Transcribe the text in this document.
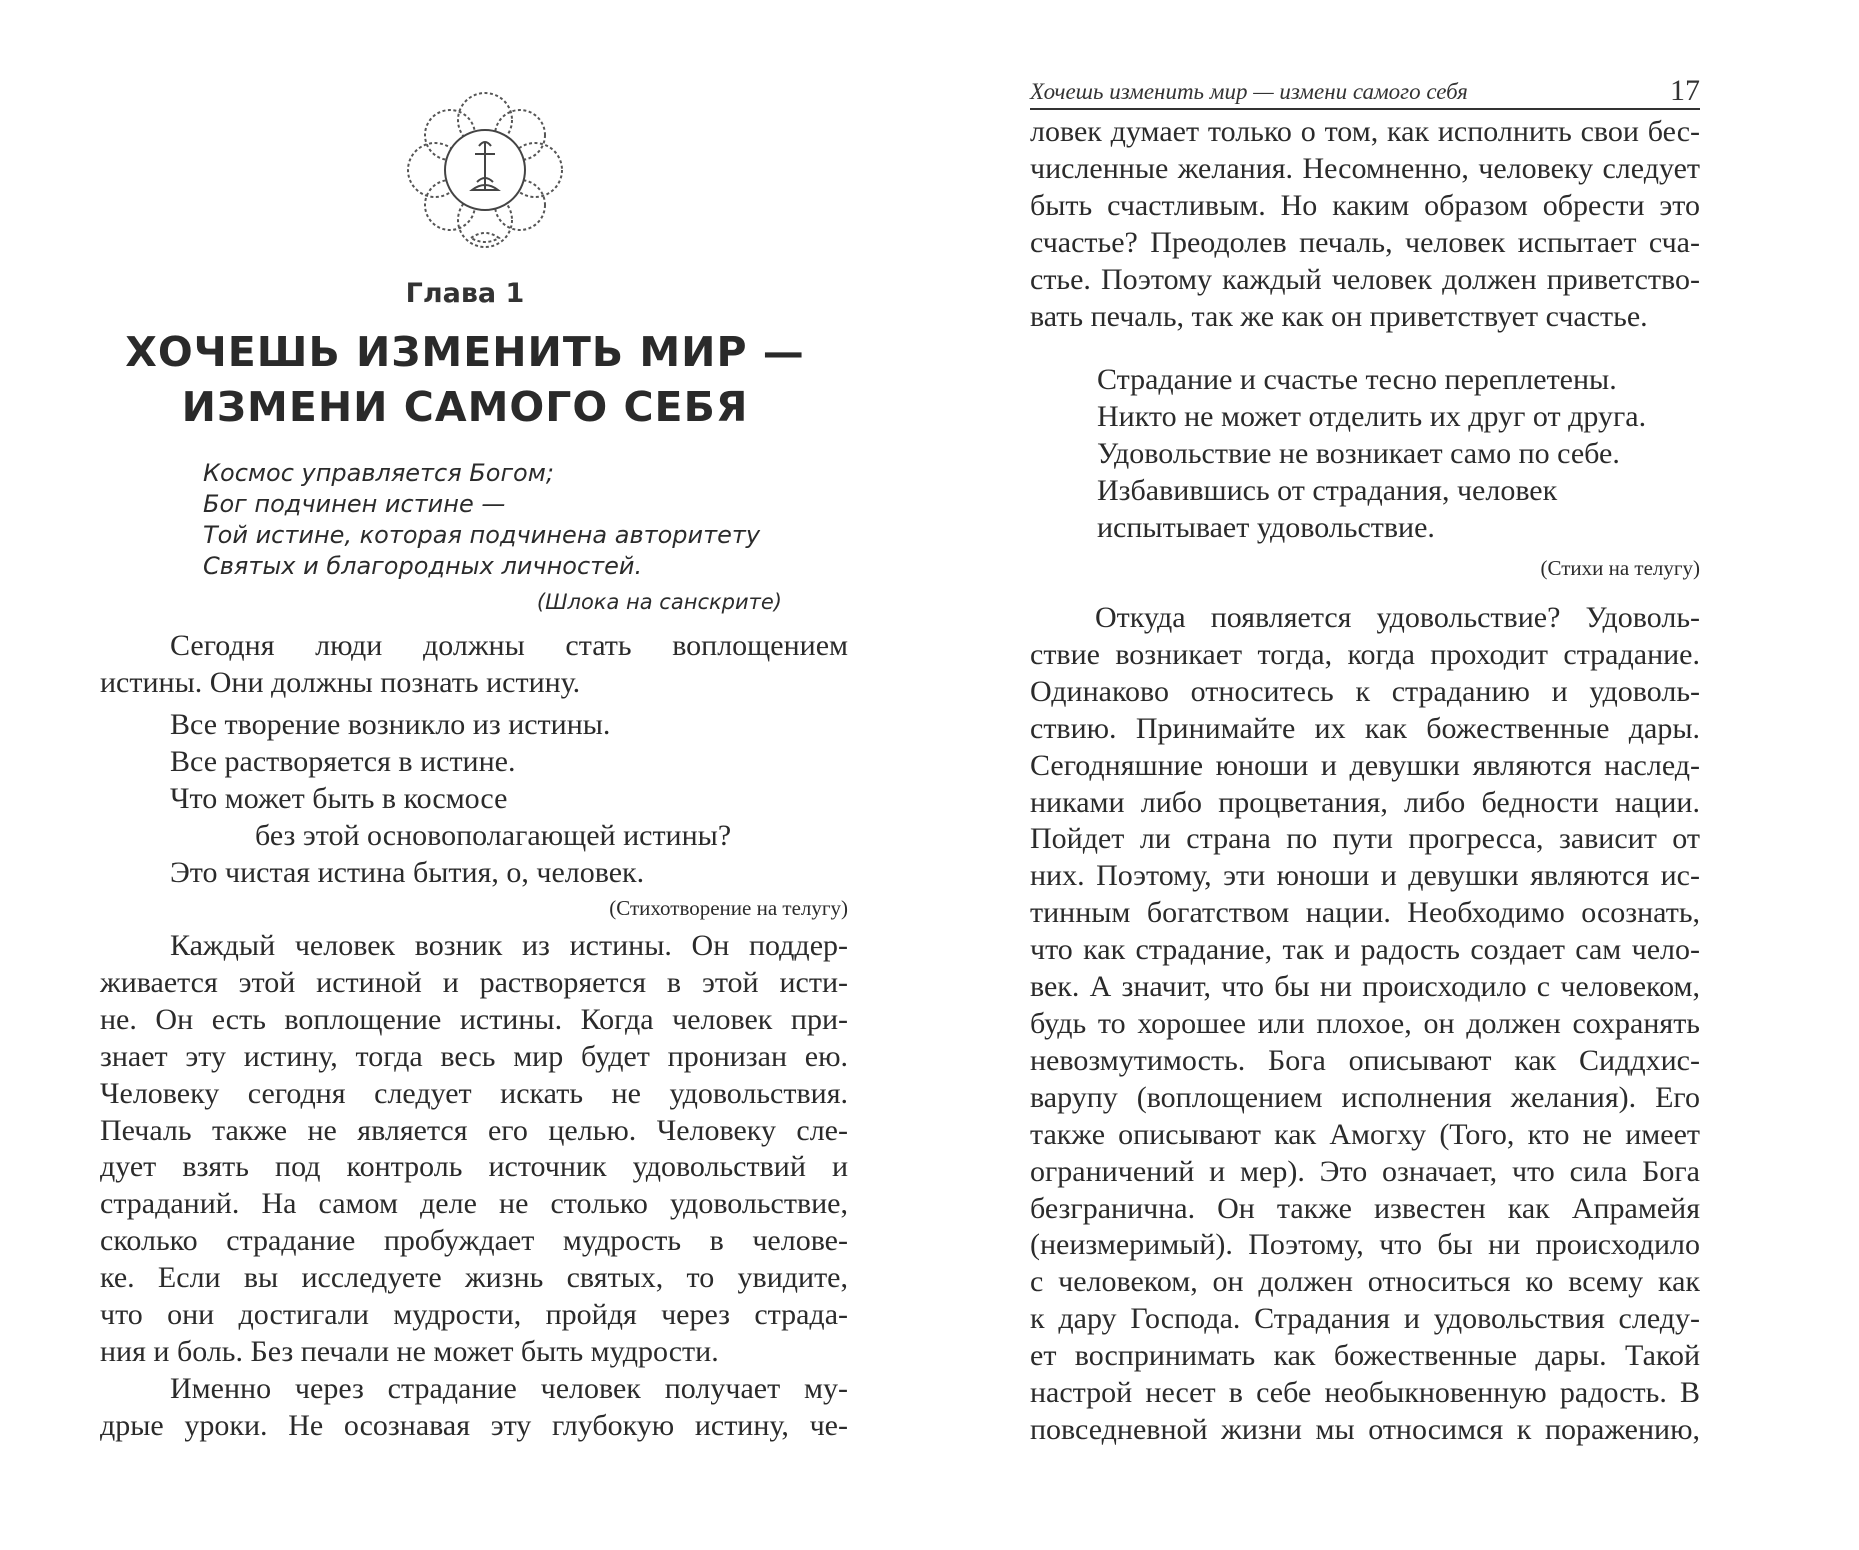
Глава 1
ХОЧЕШЬ ИЗМЕНИТЬ МИР —
ИЗМЕНИ САМОГО СЕБЯ
Космос управляется Богом;
Бог подчинен истине —
Той истине, которая подчинена авторитету
Святых и благородных личностей.
(Шлока на санскрите)
Сегодня люди должны стать воплощением
истины. Они должны познать истину.
Все творение возникло из истины.
Все растворяется в истине.
Что может быть в космосе
без этой основополагающей истины?
Это чистая истина бытия, о, человек.
(Стихотворение на телугу)
Каждый человек возник из истины. Он поддер-
живается этой истиной и растворяется в этой исти-
не. Он есть воплощение истины. Когда человек при-
знает эту истину, тогда весь мир будет пронизан ею.
Человеку сегодня следует искать не удовольствия.
Печаль также не является его целью. Человеку сле-
дует взять под контроль источник удовольствий и
страданий. На самом деле не столько удовольствие,
сколько страдание пробуждает мудрость в челове-
ке. Если вы исследуете жизнь святых, то увидите,
что они достигали мудрости, пройдя через страда-
ния и боль. Без печали не может быть мудрости.
Именно через страдание человек получает му-
дрые уроки. Не осознавая эту глубокую истину, че-
Хочешь изменить мир — измени самого себя	17
ловек думает только о том, как исполнить свои бес-
численные желания. Несомненно, человеку следует
быть счастливым. Но каким образом обрести это
счастье? Преодолев печаль, человек испытает сча-
стье. Поэтому каждый человек должен приветство-
вать печаль, так же как он приветствует счастье.
Страдание и счастье тесно переплетены.
Никто не может отделить их друг от друга.
Удовольствие не возникает само по себе.
Избавившись от страдания, человек
испытывает удовольствие.
(Стихи на телугу)
Откуда появляется удовольствие? Удоволь-
ствие возникает тогда, когда проходит страдание.
Одинаково относитесь к страданию и удоволь-
ствию. Принимайте их как божественные дары.
Сегодняшние юноши и девушки являются наслед-
никами либо процветания, либо бедности нации.
Пойдет ли страна по пути прогресса, зависит от
них. Поэтому, эти юноши и девушки являются ис-
тинным богатством нации. Необходимо осознать,
что как страдание, так и радость создает сам чело-
век. А значит, что бы ни происходило с человеком,
будь то хорошее или плохое, он должен сохранять
невозмутимость. Бога описывают как Сиддхис-
варупу (воплощением исполнения желания). Его
также описывают как Амогху (Того, кто не имеет
ограничений и мер). Это означает, что сила Бога
безгранична. Он также известен как Апрамейя
(неизмеримый). Поэтому, что бы ни происходило
с человеком, он должен относиться ко всему как
к дару Господа. Страдания и удовольствия следу-
ет воспринимать как божественные дары. Такой
настрой несет в себе необыкновенную радость. В
повседневной жизни мы относимся к поражению,
